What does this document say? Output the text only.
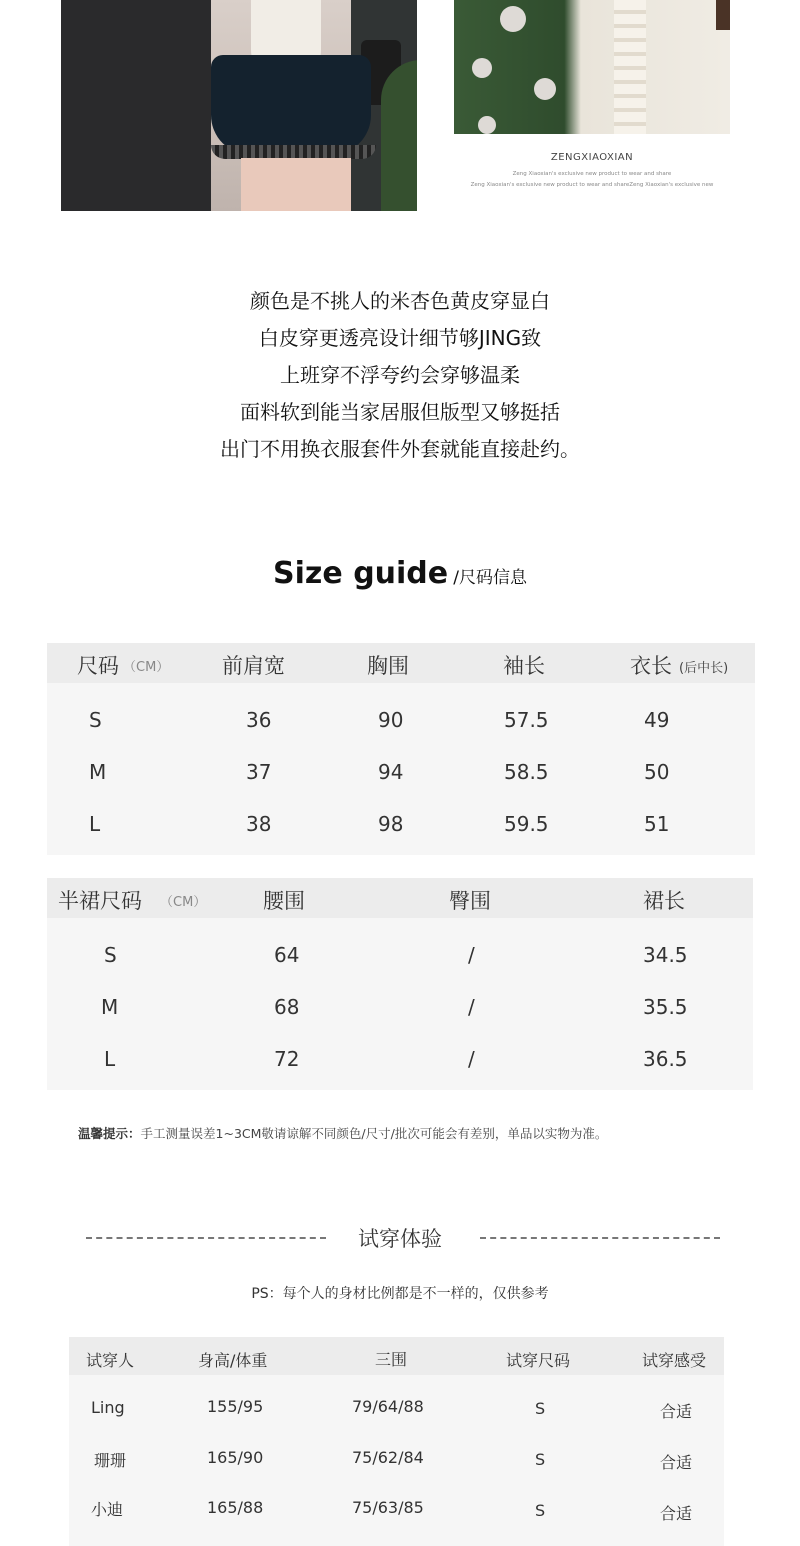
ZENGXIAOXIAN
Zeng Xiaoxian's exclusive new product to wear and share
Zeng Xiaoxian's exclusive new product to wear and shareZeng Xiaoxian's exclusive new
颜色是不挑人的米杏色黄皮穿显白
白皮穿更透亮设计细节够JING致
上班穿不浮夸约会穿够温柔
面料软到能当家居服但版型又够挺括
出门不用换衣服套件外套就能直接赴约。
Size guide /尺码信息
尺码 （CM）	前肩宽	胸围	袖长	衣长 (后中长)
S	36	90	57.5	49
M	37	94	58.5	50
L	38	98	59.5	51
半裙尺码 （CM）	腰围	臀围	裙长
S	64	/	34.5
M	68	/	35.5
L	72	/	36.5
温馨提示：手工测量误差1~3CM敬请谅解不同颜色/尺寸/批次可能会有差别，单品以实物为准。
试穿体验
PS：每个人的身材比例都是不一样的，仅供参考
试穿人	身高/体重	三围	试穿尺码	试穿感受
Ling	155/95	79/64/88	S	合适
珊珊	165/90	75/62/84	S	合适
小迪	165/88	75/63/85	S	合适
